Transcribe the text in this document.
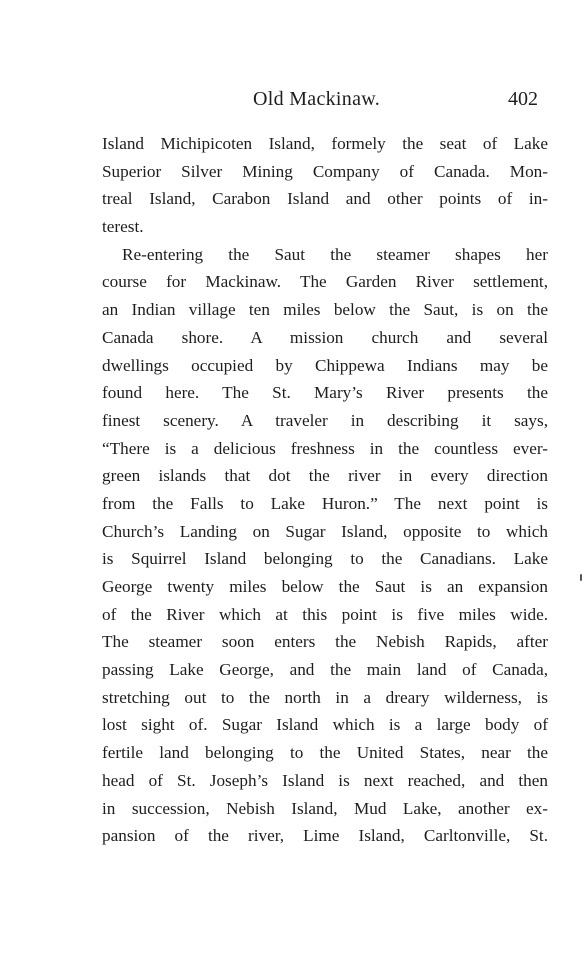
Old Mackinaw.	402
Island Michipicoten Island, formely the seat of Lake
Superior Silver Mining Company of Canada. Mon-
treal Island, Carabon Island and other points of in-
terest.
Re-entering the Saut the steamer shapes her
course for Mackinaw. The Garden River settlement,
an Indian village ten miles below the Saut, is on the
Canada shore. A mission church and several
dwellings occupied by Chippewa Indians may be
found here. The St. Mary’s River presents the
finest scenery. A traveler in describing it says,
“There is a delicious freshness in the countless ever-
green islands that dot the river in every direction
from the Falls to Lake Huron.” The next point is
Church’s Landing on Sugar Island, opposite to which
is Squirrel Island belonging to the Canadians. Lake
George twenty miles below the Saut is an expansion
of the River which at this point is five miles wide.
The steamer soon enters the Nebish Rapids, after
passing Lake George, and the main land of Canada,
stretching out to the north in a dreary wilderness, is
lost sight of. Sugar Island which is a large body of
fertile land belonging to the United States, near the
head of St. Joseph’s Island is next reached, and then
in succession, Nebish Island, Mud Lake, another ex-
pansion of the river, Lime Island, Carltonville, St.
